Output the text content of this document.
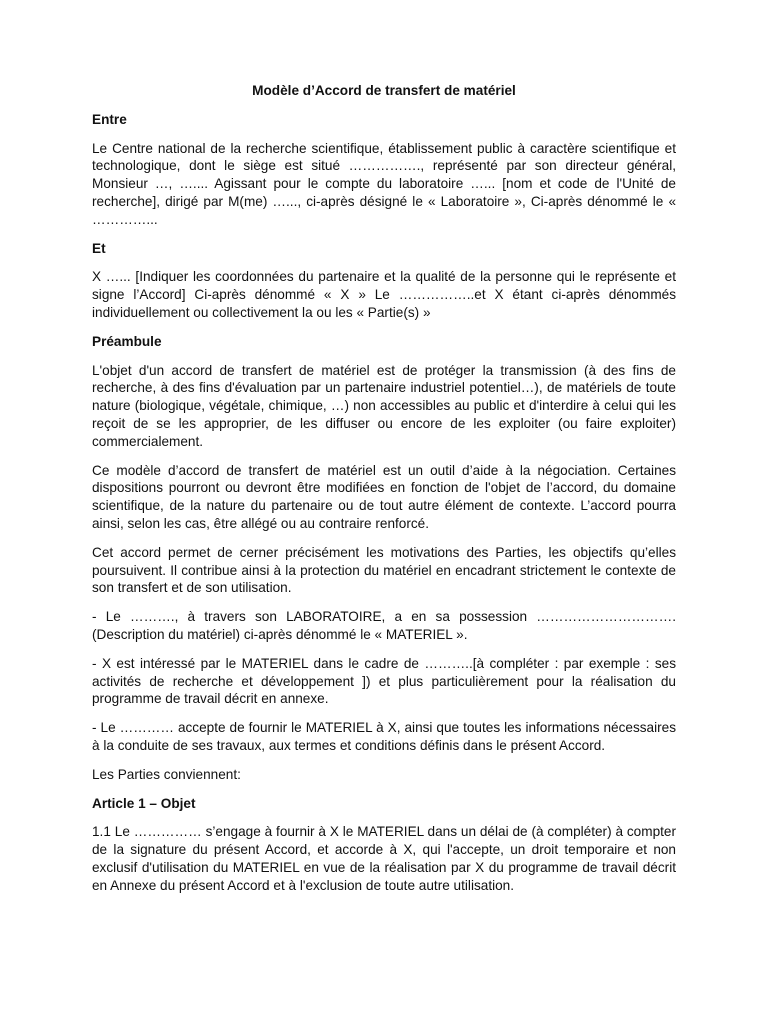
Modèle d’Accord de transfert de matériel
Entre
Le Centre national de la recherche scientifique, établissement public à caractère scientifique et technologique, dont le siège est situé ……………., représenté par son directeur général, Monsieur …, ….... Agissant pour le compte du laboratoire …... [nom et code de l'Unité de recherche], dirigé par M(me) …..., ci-après désigné le « Laboratoire », Ci-après dénommé le « …………...
Et
X …... [Indiquer les coordonnées du partenaire et la qualité de la personne qui le représente et signe l’Accord] Ci-après dénommé « X » Le ……………..et X étant ci-après dénommés individuellement ou collectivement la ou les « Partie(s) »
Préambule
L'objet d'un accord de transfert de matériel est de protéger la transmission (à des fins de recherche, à des fins d'évaluation par un partenaire industriel potentiel…), de matériels de toute nature (biologique, végétale, chimique, …) non accessibles au public et d'interdire à celui qui les reçoit de se les approprier, de les diffuser ou encore de les exploiter (ou faire exploiter) commercialement.
Ce modèle d’accord de transfert de matériel est un outil d’aide à la négociation. Certaines dispositions pourront ou devront être modifiées en fonction de l'objet de l’accord, du domaine scientifique, de la nature du partenaire ou de tout autre élément de contexte. L’accord pourra ainsi, selon les cas, être allégé ou au contraire renforcé.
Cet accord permet de cerner précisément les motivations des Parties, les objectifs qu’elles poursuivent. Il contribue ainsi à la protection du matériel en encadrant strictement le contexte de son transfert et de son utilisation.
- Le ………., à travers son LABORATOIRE, a en sa possession …………………………. (Description du matériel) ci-après dénommé le « MATERIEL ».
- X est intéressé par le MATERIEL dans le cadre de ………..[à compléter : par exemple : ses activités de recherche et développement ]) et plus particulièrement pour la réalisation du programme de travail décrit en annexe.
- Le ………… accepte de fournir le MATERIEL à X, ainsi que toutes les informations nécessaires à la conduite de ses travaux, aux termes et conditions définis dans le présent Accord.
Les Parties conviennent:
Article 1 – Objet
1.1 Le …………… s’engage à fournir à X le MATERIEL dans un délai de (à compléter) à compter de la signature du présent Accord, et accorde à X, qui l'accepte, un droit temporaire et non exclusif d'utilisation du MATERIEL en vue de la réalisation par X du programme de travail décrit en Annexe du présent Accord et à l'exclusion de toute autre utilisation.
